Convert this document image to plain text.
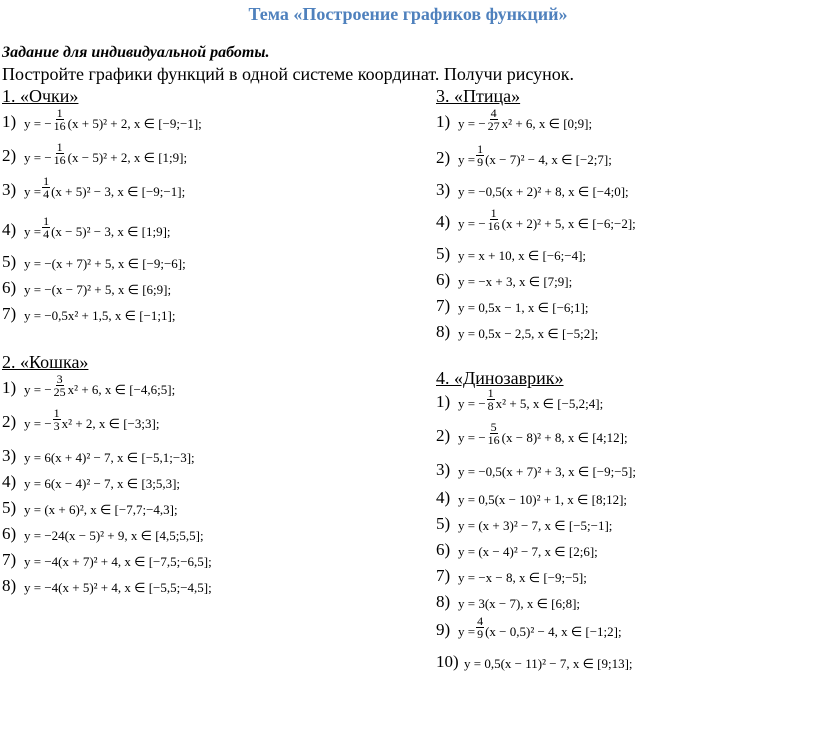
Тема «Построение графиков функций»
Задание для индивидуальной работы.
Постройте графики функций в одной системе координат. Получи рисунок.
1. «Очки»
2. «Кошка»
3. «Птица»
4. «Динозаврик»
1) y = − $\frac{1}{16} (x + 5)^2 + 2$, x ∈ [−9;−1];
2) y = − $\frac{1}{16} (x - 5)^2 + 2$, x ∈ [1;9];
3) $y = \frac{1}{4} (x + 5)^2 - 3$, x ∈ [−9;−1];
4) $y = \frac{1}{4} (x - 5)^2 - 3$, x ∈ [1;9];
5) y = −(x + 7)² + 5, x ∈ [−9;−6];
6) y = −(x − 7)² + 5, x ∈ [6;9];
7) y = −0,5x² + 1,5, x ∈ [−1;1];
1) y = − $\frac{3}{25} x^2 + 6$, x ∈ [−4,6;5];
2) y = − $\frac{1}{3} x^2 + 2$, x ∈ [−3;3];
3) y = 6(x + 4)² − 7, x ∈ [−5,1;−3];
4) y = 6(x − 4)² − 7, x ∈ [3;5,3];
5) y = (x + 6)², x ∈ [−7,7;−4,3];
6) y = −24(x − 5)² + 9, x ∈ [4,5;5,5];
7) y = −4(x + 7)² + 4, x ∈ [−7,5;−6,5];
8) y = −4(x + 5)² + 4, x ∈ [−5,5;−4,5];
1) y = − $\frac{4}{27} x^2 + 6$, x ∈ [0;9];
2) $y = \frac{1}{9} (x - 7)^2 - 4$, x ∈ [−2;7];
3) y = −0,5(x + 2)² + 8, x ∈ [−4;0];
4) y = − $\frac{1}{16} (x + 2)^2 + 5$, x ∈ [−6;−2];
5) y = x + 10, x ∈ [−6;−4];
6) y = −x + 3, x ∈ [7;9];
7) y = 0,5x − 1, x ∈ [−6;1];
8) y = 0,5x − 2,5, x ∈ [−5;2];
1) y = − $\frac{1}{8} x^2 + 5$, x ∈ [−5,2;4];
2) y = − $\frac{5}{16} (x - 8)^2 + 8$, x ∈ [4;12];
3) y = −0,5(x + 7)² + 3, x ∈ [−9;−5];
4) y = 0,5(x − 10)² + 1, x ∈ [8;12];
5) y = (x + 3)² − 7, x ∈ [−5;−1];
6) y = (x − 4)² − 7, x ∈ [2;6];
7) y = −x − 8, x ∈ [−9;−5];
8) y = 3(x − 7), x ∈ [6;8];
9) $y = \frac{4}{9} (x - 0,5)^2 - 4$, x ∈ [−1;2];
10) y = 0,5(x − 11)² − 7, x ∈ [9;13];
